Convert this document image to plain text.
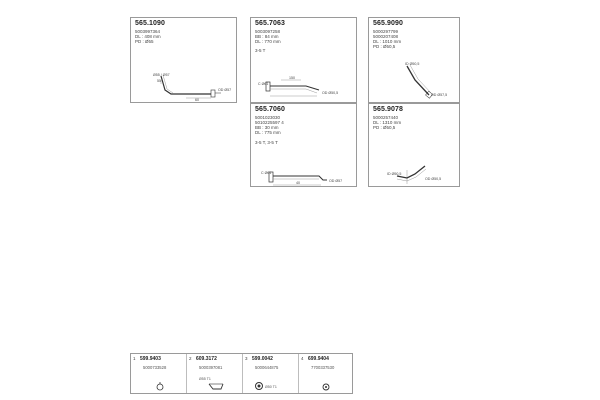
565.1090
5003997364
DL : 408 mm
PD : Ø55
Ø55 / Ø57
55
60
OD Ø57
565.7063
5003097258
BB : 84 mm
DL : 770 mm
3-5 T
C Ø61
OD Ø50,5
150
565.9090
5000297799
5000207408
DL : 1010 mm
PD : Ø50,5
ID Ø50,5
OD Ø57,5
565.7060
5001023030
5010225597 4
BB : 30 mm
DL : 775 mm
3-5 T, 3-5 T
C Ø61
OD Ø57
40
565.9078
5000257440
DL : 1310 mm
PD : Ø50,5
ID Ø50,5
OD Ø50,5
1 599.9403
5000733528
2 609.3172
5000397081
Ø55 T1
3 599.0042
5000644875
Ø50 T1
4 699.9404
7700337530
